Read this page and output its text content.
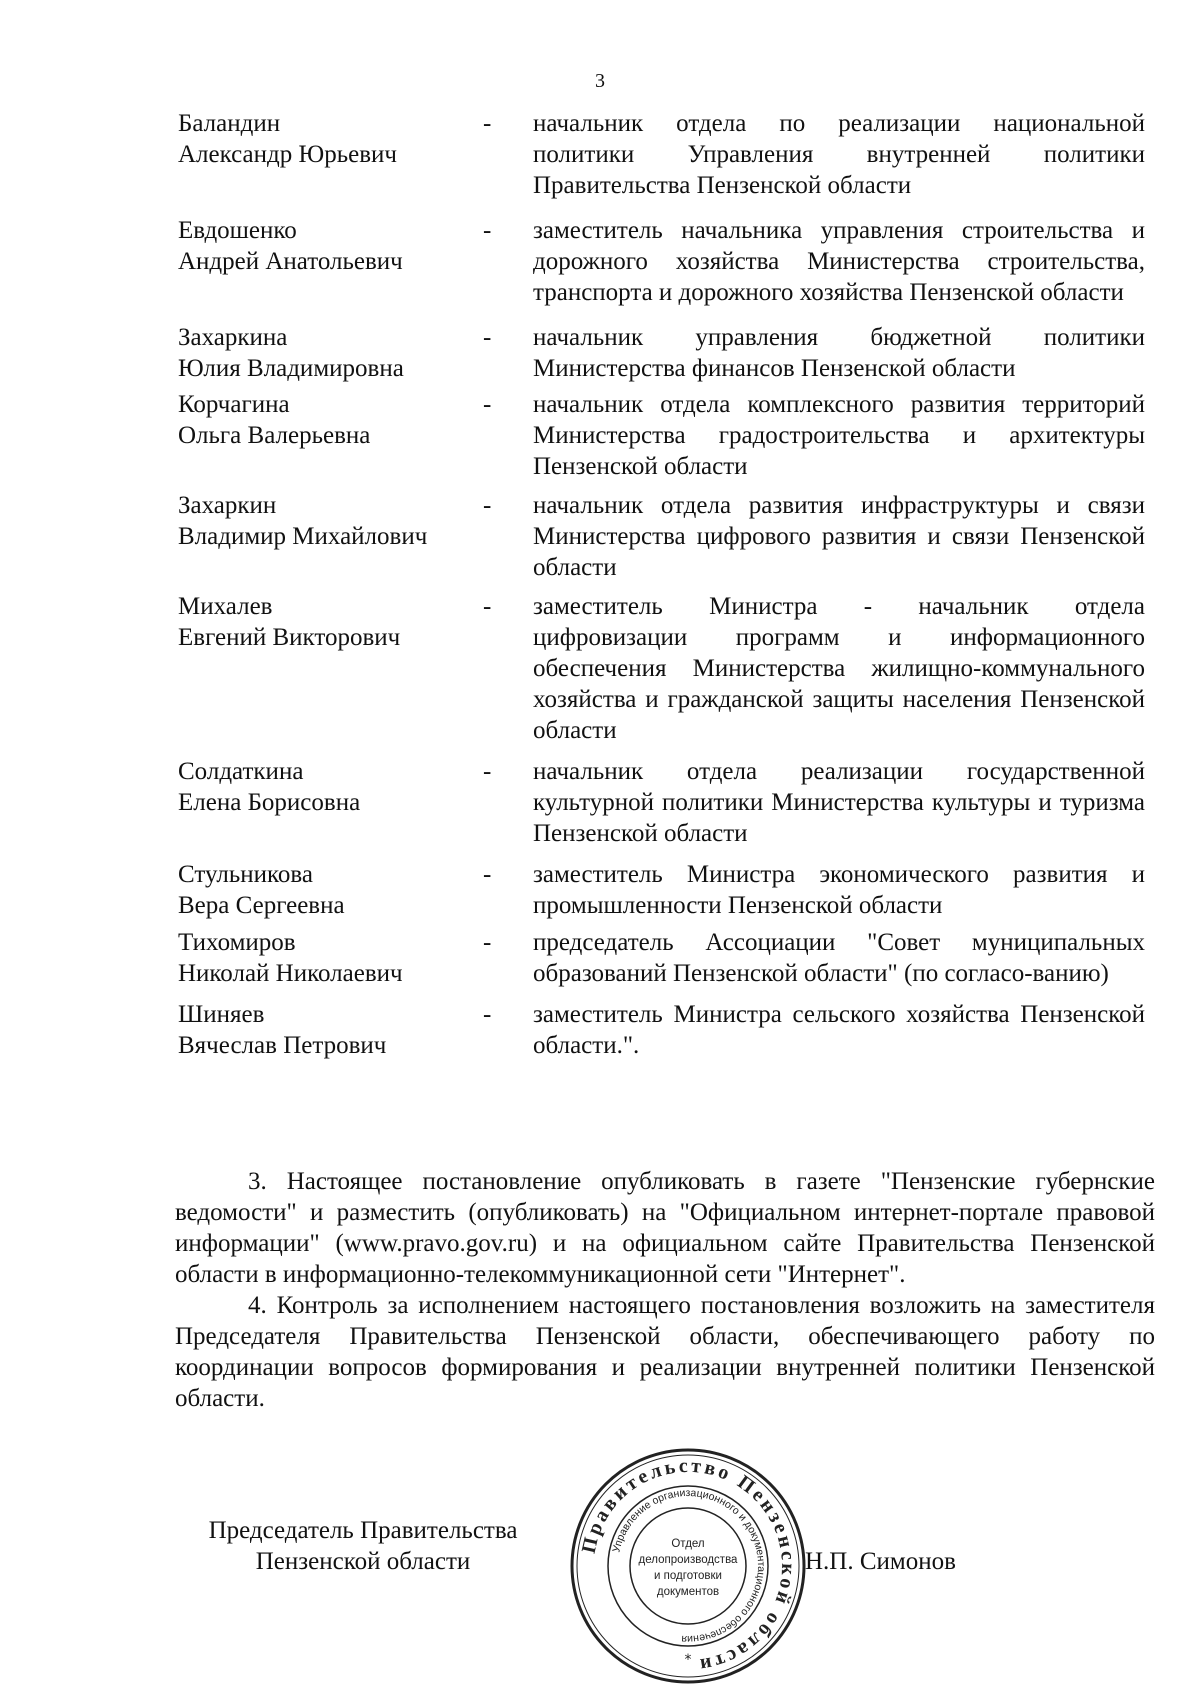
3
Баландин
Александр Юрьевич
-	начальник отдела по реализации национальной политики Управления внутренней политики Правительства Пензенской области
Евдошенко
Андрей Анатольевич
-	заместитель начальника управления строительства и дорожного хозяйства Министерства строительства, транспорта и дорожного хозяйства Пензенской области
Захаркина
Юлия Владимировна
-	начальник управления бюджетной политики Министерства финансов Пензенской области
Корчагина
Ольга Валерьевна
-	начальник отдела комплексного развития территорий Министерства градостроительства и архитектуры Пензенской области
Захаркин
Владимир Михайлович
-	начальник отдела развития инфраструктуры и связи Министерства цифрового развития и связи Пензенской области
Михалев
Евгений Викторович
-	заместитель Министра - начальник отдела цифровизации программ и информационного обеспечения Министерства жилищно-коммунального хозяйства и гражданской защиты населения Пензенской области
Солдаткина
Елена Борисовна
-	начальник отдела реализации государственной культурной политики Министерства культуры и туризма Пензенской области
Стульникова
Вера Сергеевна
-	заместитель Министра экономического развития и промышленности Пензенской области
Тихомиров
Николай Николаевич
-	председатель Ассоциации "Совет муниципальных образований Пензенской области" (по согласо-ванию)
Шиняев
Вячеслав Петрович
-	заместитель Министра сельского хозяйства Пензенской области.".

3. Настоящее постановление опубликовать в газете "Пензенские губернские ведомости" и разместить (опубликовать) на "Официальном интернет-портале правовой информации" (www.pravo.gov.ru) и на официальном сайте Правительства Пензенской области в информационно-телекоммуникационной сети "Интернет".

4. Контроль за исполнением настоящего постановления возложить на заместителя Председателя Правительства Пензенской области, обеспечивающего работу по координации вопросов формирования и реализации внутренней политики Пензенской области.

Председатель Правительства
Пензенской области	Н.П. Симонов
Правительство Пензенской области
Управление организационного и документационного обеспечения
Отдел
делопроизводства
и подготовки
документов
*
